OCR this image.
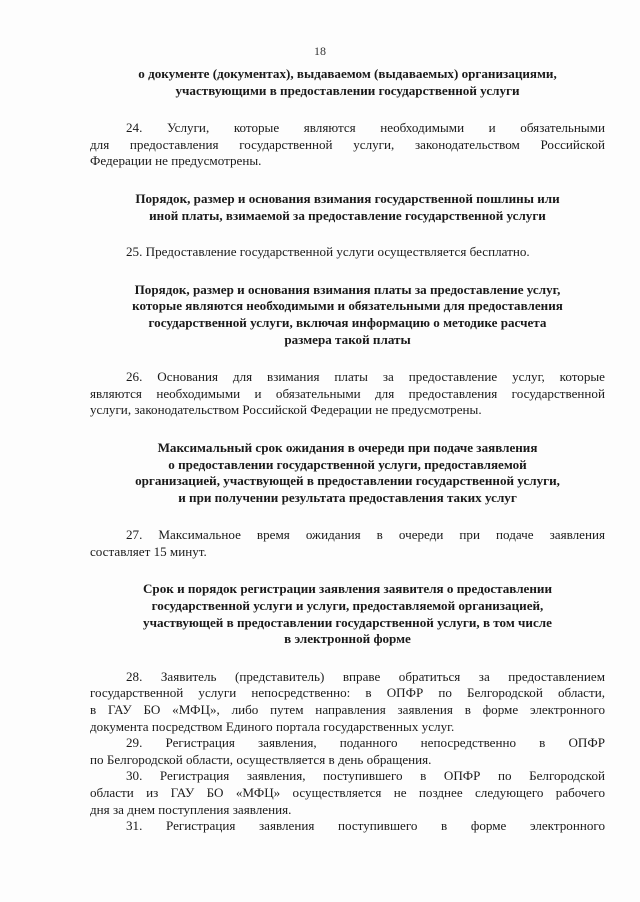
18
о документе (документах), выдаваемом (выдаваемых) организациями,
участвующими в предоставлении государственной услуги
24. Услуги, которые являются необходимыми и обязательными
для предоставления государственной услуги, законодательством Российской
Федерации не предусмотрены.
Порядок, размер и основания взимания государственной пошлины или
иной платы, взимаемой за предоставление государственной услуги
25. Предоставление государственной услуги осуществляется бесплатно.
Порядок, размер и основания взимания платы за предоставление услуг,
которые являются необходимыми и обязательными для предоставления
государственной услуги, включая информацию о методике расчета
размера такой платы
26. Основания для взимания платы за предоставление услуг, которые
являются необходимыми и обязательными для предоставления государственной
услуги, законодательством Российской Федерации не предусмотрены.
Максимальный срок ожидания в очереди при подаче заявления
о предоставлении государственной услуги, предоставляемой
организацией, участвующей в предоставлении государственной услуги,
и при получении результата предоставления таких услуг
27. Максимальное время ожидания в очереди при подаче заявления
составляет 15 минут.
Срок и порядок регистрации заявления заявителя о предоставлении
государственной услуги и услуги, предоставляемой организацией,
участвующей в предоставлении государственной услуги, в том числе
в электронной форме
28. Заявитель (представитель) вправе обратиться за предоставлением
государственной услуги непосредственно: в ОПФР по Белгородской области,
в ГАУ БО «МФЦ», либо путем направления заявления в форме электронного
документа посредством Единого портала государственных услуг.
29. Регистрация заявления, поданного непосредственно в ОПФР
по Белгородской области, осуществляется в день обращения.
30. Регистрация заявления, поступившего в ОПФР по Белгородской
области из ГАУ БО «МФЦ» осуществляется не позднее следующего рабочего
дня за днем поступления заявления.
31. Регистрация заявления поступившего в форме электронного
